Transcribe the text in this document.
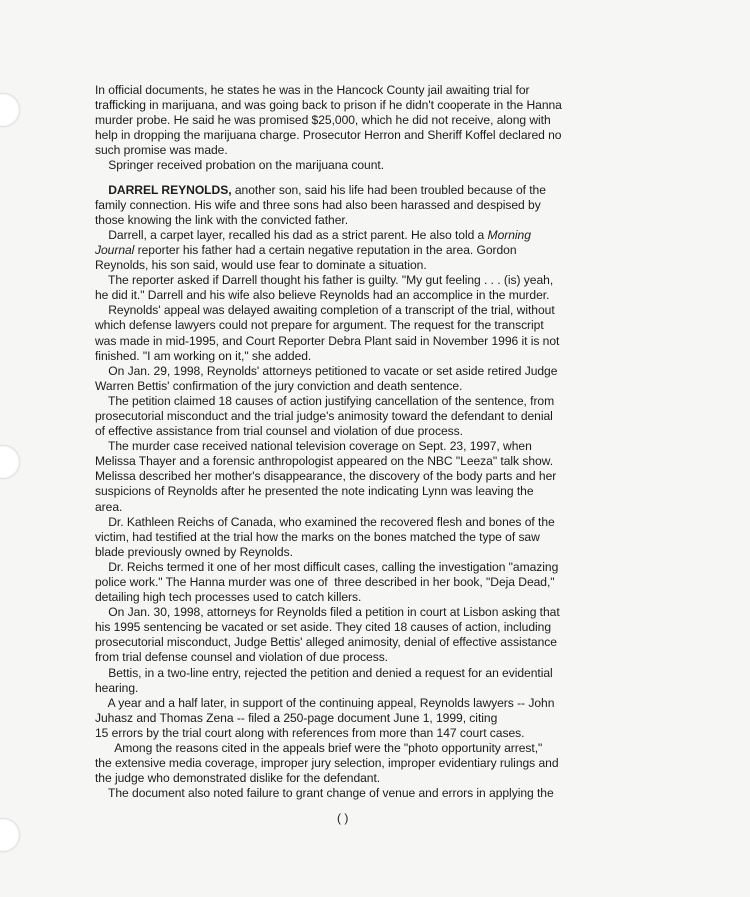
In official documents, he states he was in the Hancock County jail awaiting trial for
trafficking in marijuana, and was going back to prison if he didn't cooperate in the Hanna
murder probe. He said he was promised $25,000, which he did not receive, along with
help in dropping the marijuana charge. Prosecutor Herron and Sheriff Koffel declared no
such promise was made.
Springer received probation on the marijuana count.
DARREL REYNOLDS, another son, said his life had been troubled because of the
family connection. His wife and three sons had also been harassed and despised by
those knowing the link with the convicted father.
Darrell, a carpet layer, recalled his dad as a strict parent. He also told a Morning
Journal reporter his father had a certain negative reputation in the area. Gordon
Reynolds, his son said, would use fear to dominate a situation.
The reporter asked if Darrell thought his father is guilty. "My gut feeling . . . (is) yeah,
he did it." Darrell and his wife also believe Reynolds had an accomplice in the murder.
Reynolds' appeal was delayed awaiting completion of a transcript of the trial, without
which defense lawyers could not prepare for argument. The request for the transcript
was made in mid-1995, and Court Reporter Debra Plant said in November 1996 it is not
finished. "I am working on it," she added.
On Jan. 29, 1998, Reynolds' attorneys petitioned to vacate or set aside retired Judge
Warren Bettis' confirmation of the jury conviction and death sentence.
The petition claimed 18 causes of action justifying cancellation of the sentence, from
prosecutorial misconduct and the trial judge's animosity toward the defendant to denial
of effective assistance from trial counsel and violation of due process.
The murder case received national television coverage on Sept. 23, 1997, when
Melissa Thayer and a forensic anthropologist appeared on the NBC "Leeza" talk show.
Melissa described her mother's disappearance, the discovery of the body parts and her
suspicions of Reynolds after he presented the note indicating Lynn was leaving the
area.
Dr. Kathleen Reichs of Canada, who examined the recovered flesh and bones of the
victim, had testified at the trial how the marks on the bones matched the type of saw
blade previously owned by Reynolds.
Dr. Reichs termed it one of her most difficult cases, calling the investigation "amazing
police work." The Hanna murder was one of  three described in her book, "Deja Dead,"
detailing high tech processes used to catch killers.
On Jan. 30, 1998, attorneys for Reynolds filed a petition in court at Lisbon asking that
his 1995 sentencing be vacated or set aside. They cited 18 causes of action, including
prosecutorial misconduct, Judge Bettis' alleged animosity, denial of effective assistance
from trial defense counsel and violation of due process.
Bettis, in a two-line entry, rejected the petition and denied a request for an evidential
hearing.
A year and a half later, in support of the continuing appeal, Reynolds lawyers -- John
Juhasz and Thomas Zena -- filed a 250-page document June 1, 1999, citing
15 errors by the trial court along with references from more than 147 court cases.
Among the reasons cited in the appeals brief were the "photo opportunity arrest,"
the extensive media coverage, improper jury selection, improper evidentiary rulings and
the judge who demonstrated dislike for the defendant.
The document also noted failure to grant change of venue and errors in applying the
( )
